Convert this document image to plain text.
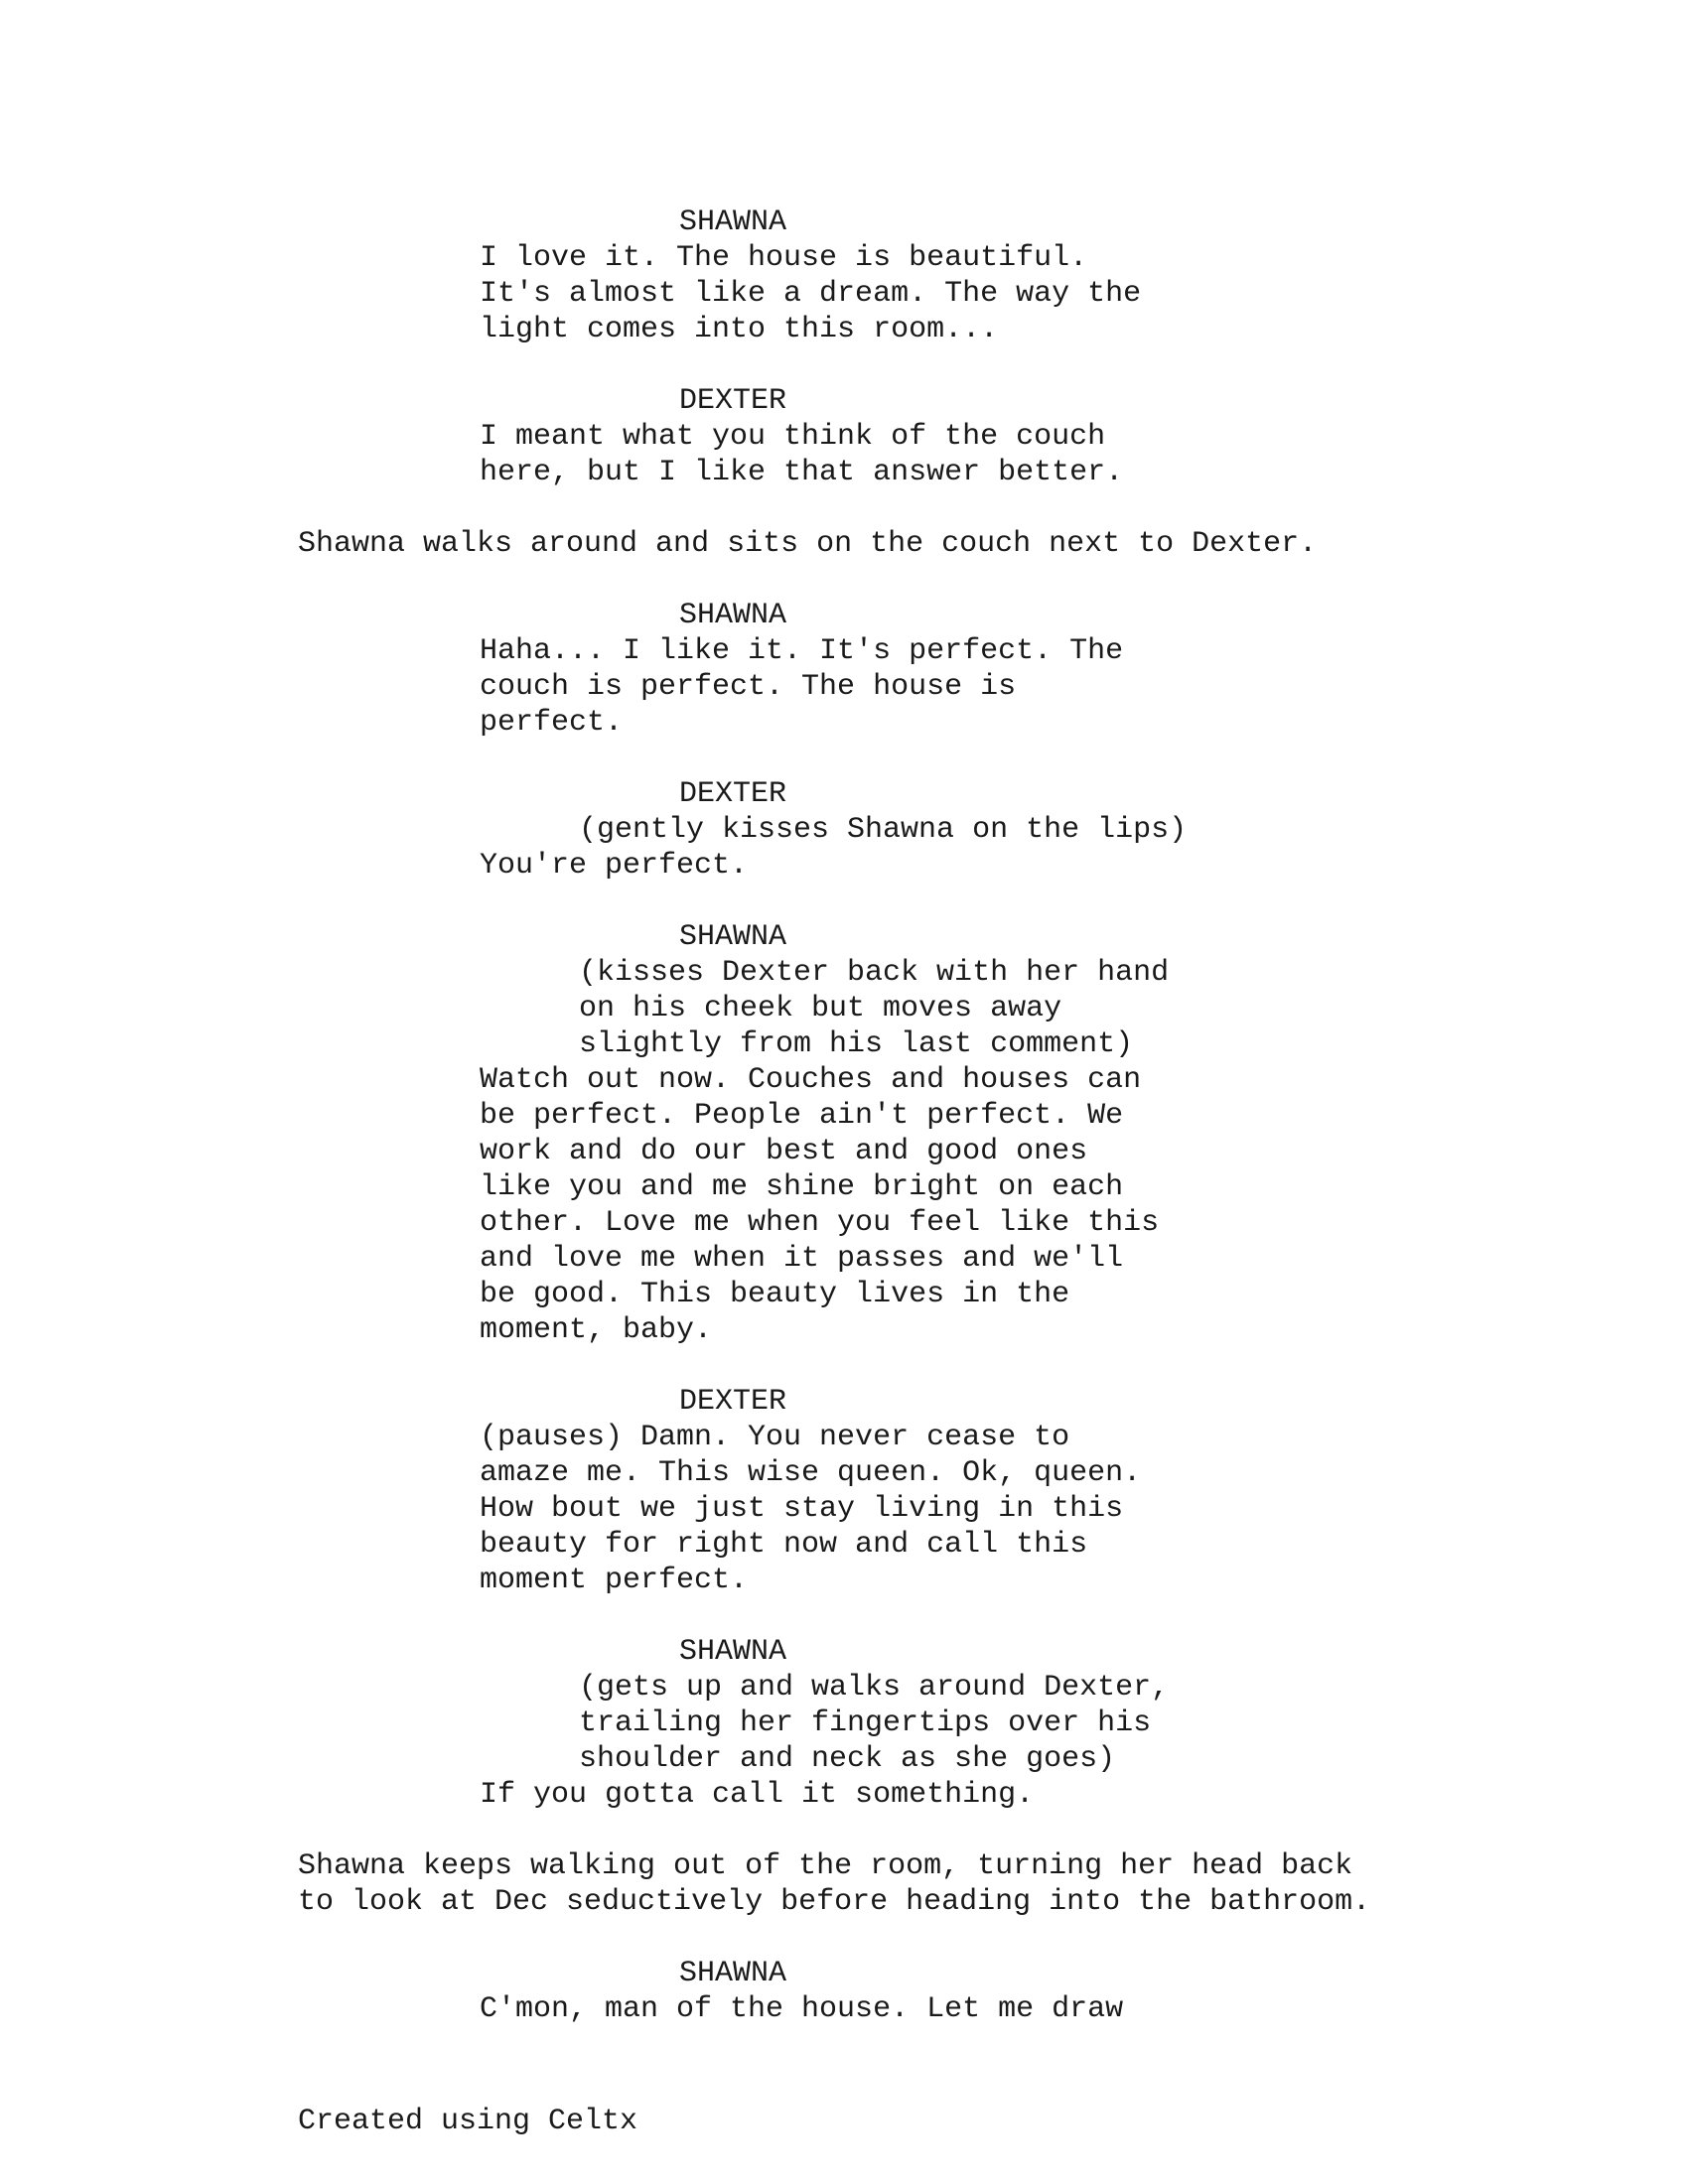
SHAWNA
I love it. The house is beautiful.
It's almost like a dream. The way the
light comes into this room...
DEXTER
I meant what you think of the couch
here, but I like that answer better.
Shawna walks around and sits on the couch next to Dexter.
SHAWNA
Haha... I like it. It's perfect. The
couch is perfect. The house is
perfect.
DEXTER
(gently kisses Shawna on the lips)
You're perfect.
SHAWNA
(kisses Dexter back with her hand
on his cheek but moves away
slightly from his last comment)
Watch out now. Couches and houses can
be perfect. People ain't perfect. We
work and do our best and good ones
like you and me shine bright on each
other. Love me when you feel like this
and love me when it passes and we'll
be good. This beauty lives in the
moment, baby.
DEXTER
(pauses) Damn. You never cease to
amaze me. This wise queen. Ok, queen.
How bout we just stay living in this
beauty for right now and call this
moment perfect.
SHAWNA
(gets up and walks around Dexter,
trailing her fingertips over his
shoulder and neck as she goes)
If you gotta call it something.
Shawna keeps walking out of the room, turning her head back
to look at Dec seductively before heading into the bathroom.
SHAWNA
C'mon, man of the house. Let me draw
Created using Celtx
